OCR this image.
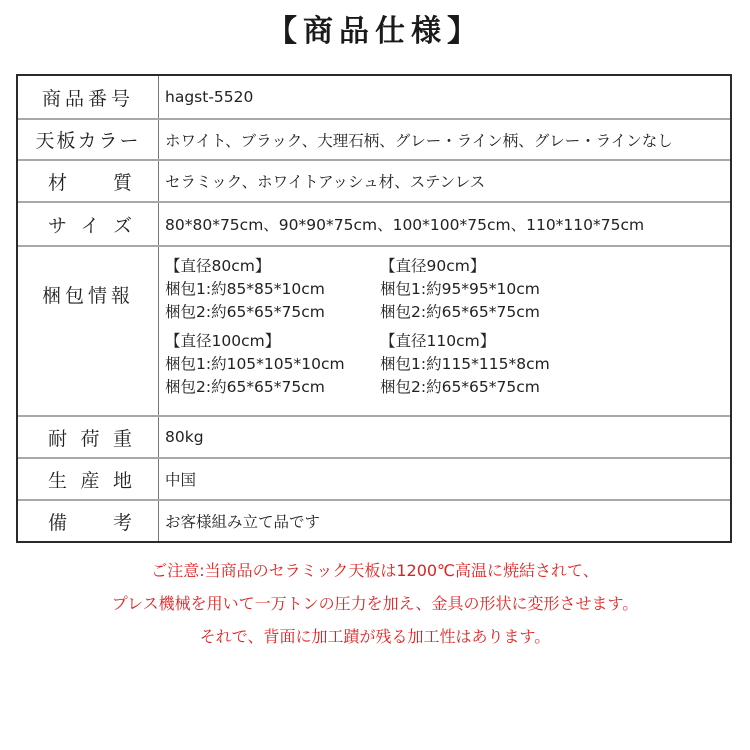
【商品仕様】
商品番号	hagst-5520
天板カラー	ホワイト、ブラック、大理石柄、グレー・ライン柄、グレー・ラインなし
材 質	セラミック、ホワイトアッシュ材、ステンレス
サ イ ズ	80*80*75cm、90*90*75cm、100*100*75cm、110*110*75cm
梱包情報
【直径80cm】
梱包1:約85*85*10cm
梱包2:約65*65*75cm
【直径90cm】
梱包1:約95*95*10cm
梱包2:約65*65*75cm
【直径100cm】
梱包1:約105*105*10cm
梱包2:約65*65*75cm
【直径110cm】
梱包1:約115*115*8cm
梱包2:約65*65*75cm
耐 荷 重	80kg
生 産 地	中国
備 考	お客様組み立て品です
ご注意:当商品のセラミック天板は1200℃高温に焼結されて、
プレス機械を用いて一万トンの圧力を加え、金具の形状に変形させます。
それで、背面に加工蹟が残る加工性はあります。
